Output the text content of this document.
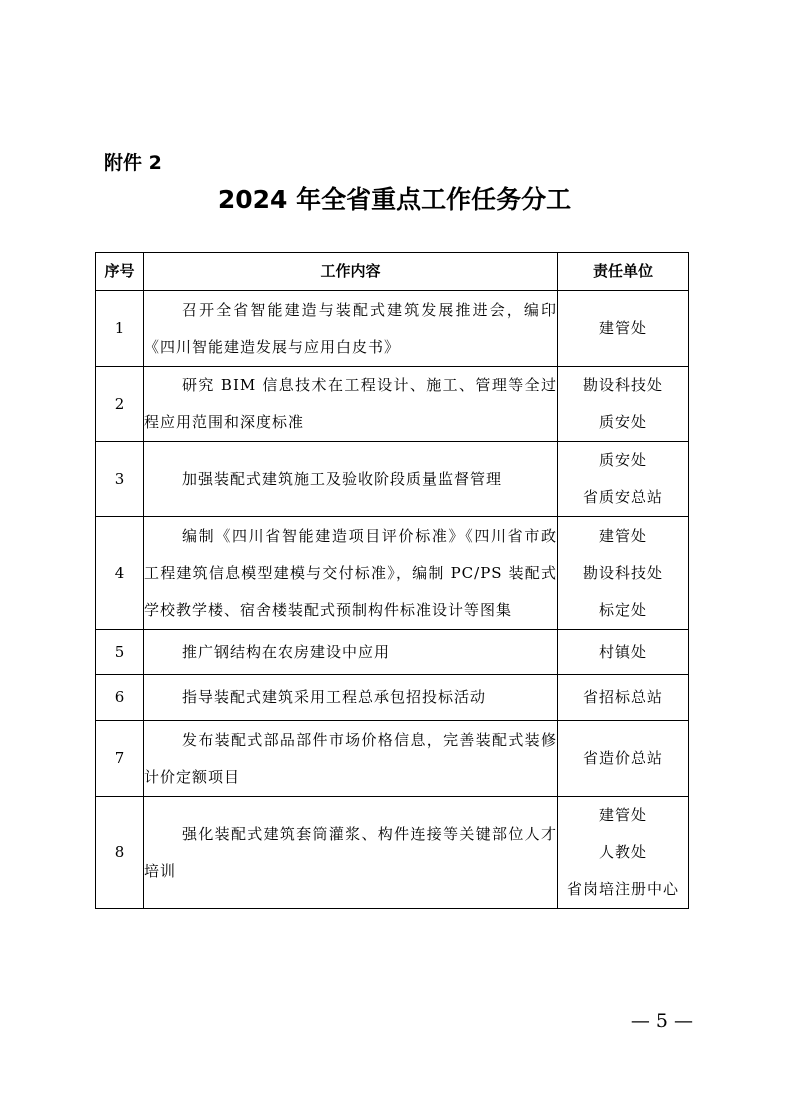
附件 2
2024 年全省重点工作任务分工
序号	工作内容	责任单位
1	召开全省智能建造与装配式建筑发展推进会，编印《四川智能建造发展与应用白皮书》	建管处

2	研究 BIM 信息技术在工程设计、施工、管理等全过程应用范围和深度标准	勘设科技处
质安处

3	加强装配式建筑施工及验收阶段质量监督管理	质安处
省质安总站

4	编制《四川省智能建造项目评价标准》《四川省市政工程建筑信息模型建模与交付标准》，编制 PC/PS 装配式学校教学楼、宿舍楼装配式预制构件标准设计等图集	建管处
勘设科技处
标定处

5	推广钢结构在农房建设中应用	村镇处

6	指导装配式建筑采用工程总承包招投标活动	省招标总站

7	发布装配式部品部件市场价格信息，完善装配式装修计价定额项目	省造价总站

8	强化装配式建筑套筒灌浆、构件连接等关键部位人才培训	建管处
人教处
省岗培注册中心
— 5 —
